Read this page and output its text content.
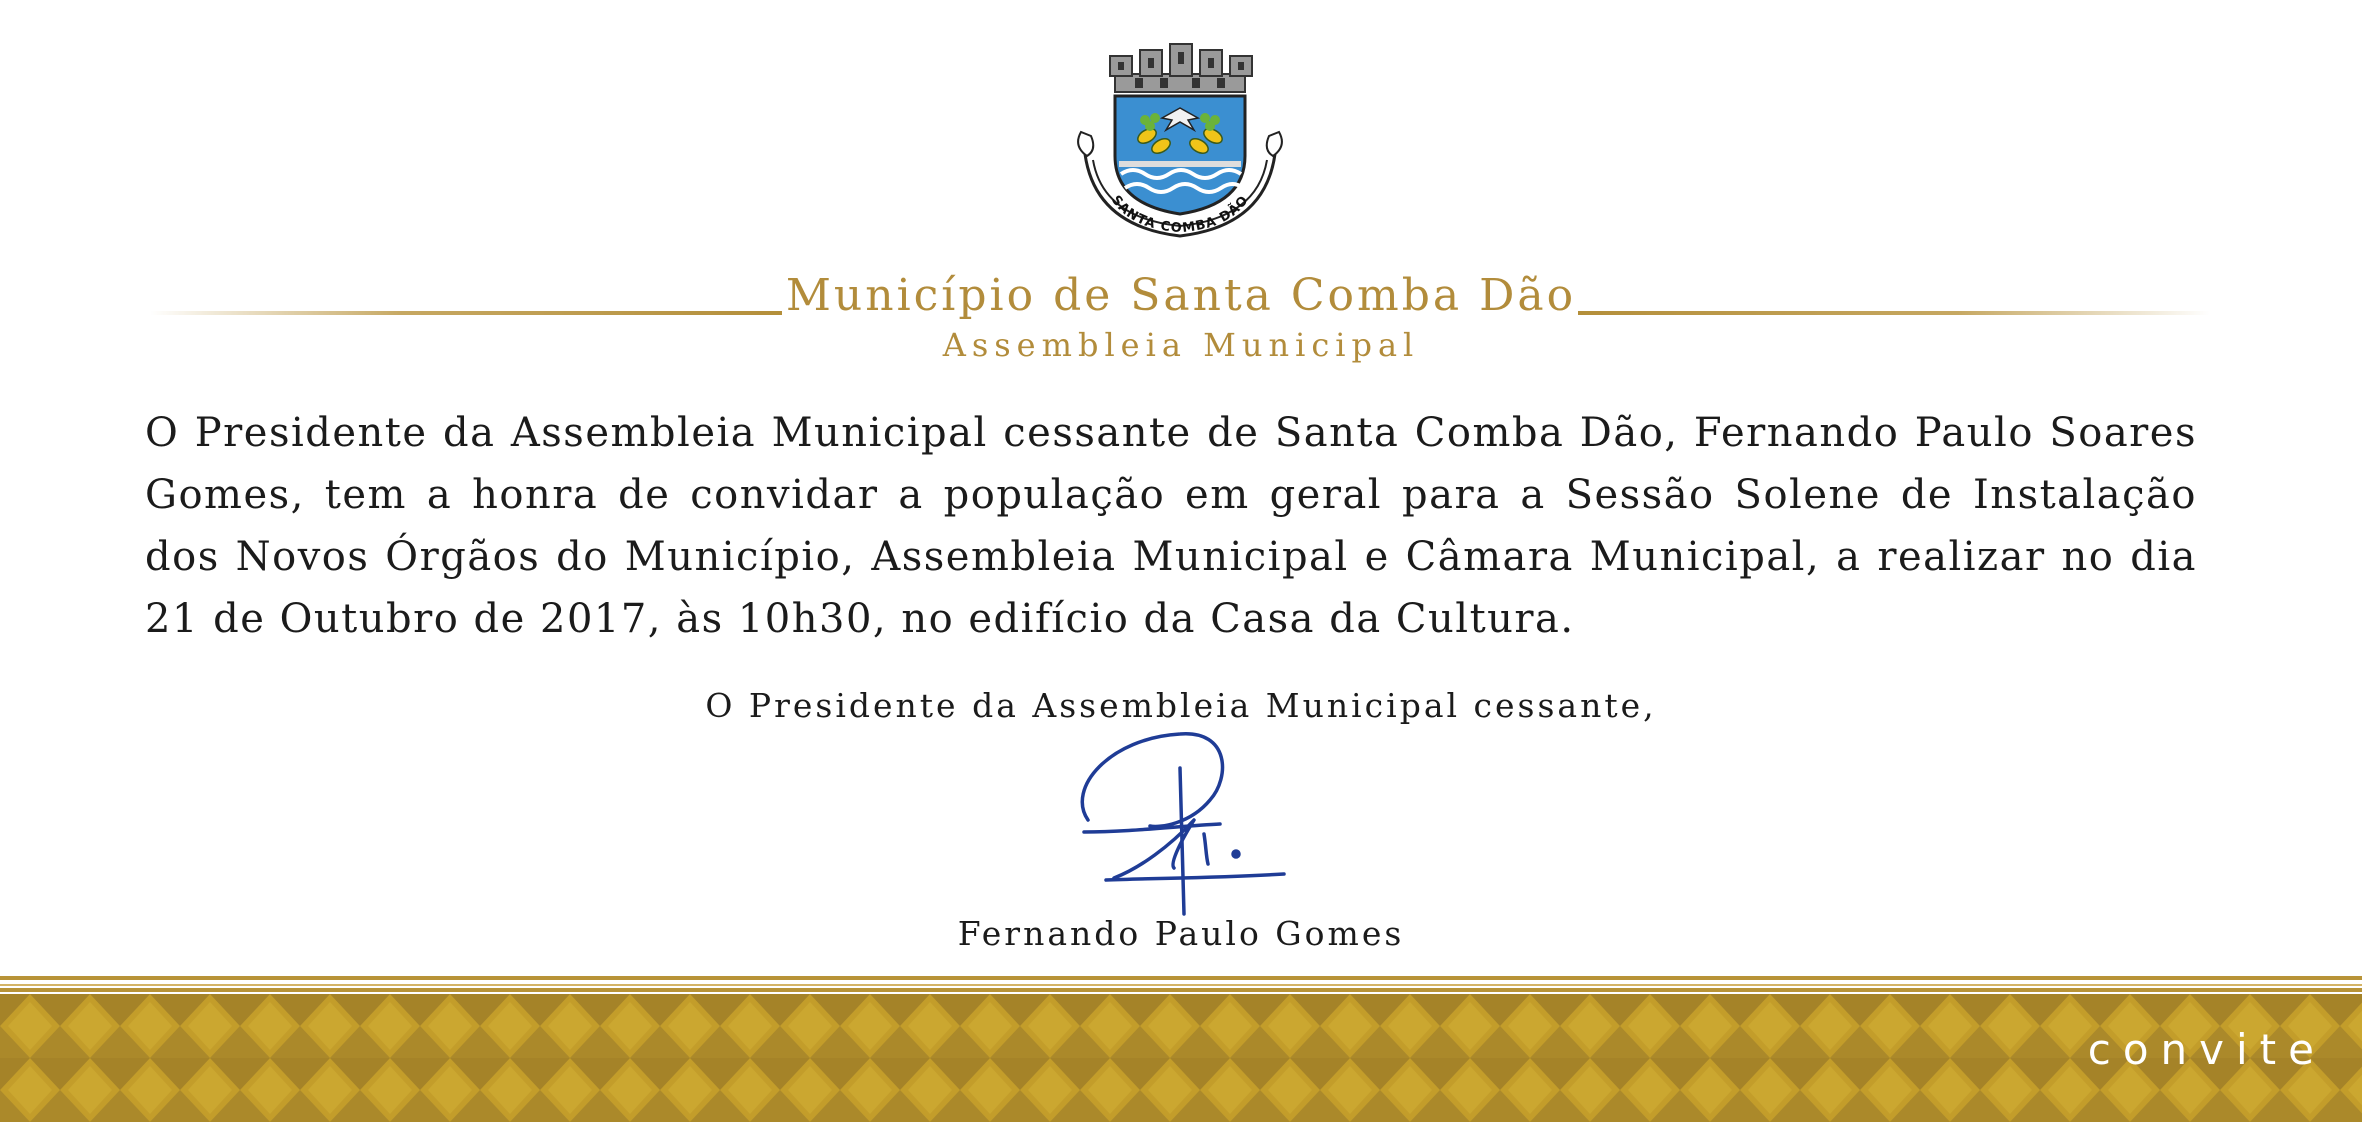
SANTA COMBA DÃO
Município de Santa Comba Dão
Assembleia Municipal
O Presidente da Assembleia Municipal cessante de Santa Comba Dão, Fernando Paulo Soares Gomes, tem a honra de convidar a população em geral para a Sessão Solene de Instalação dos Novos Órgãos do Município, Assembleia Municipal e Câmara Municipal, a realizar no dia 21 de Outubro de 2017, às 10h30, no edifício da Casa da Cultura.
O Presidente da Assembleia Municipal cessante,
Fernando Paulo Gomes
convite
